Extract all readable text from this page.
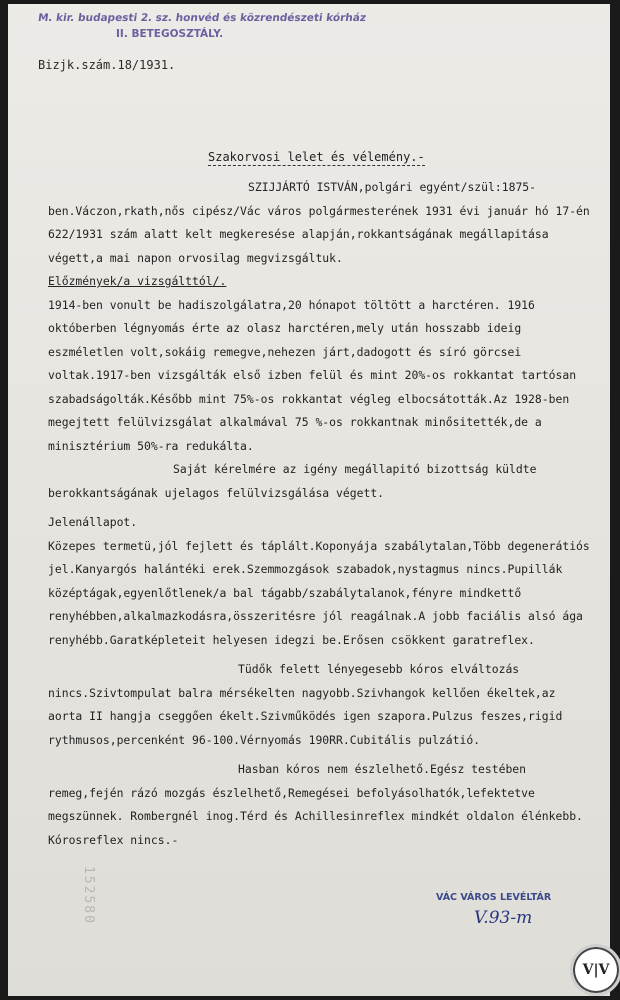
M. kir. budapesti 2. sz. honvéd és közrendészeti kórház
II. BETEGOSZTÁLY.
Bizjk.szám.18/1931.
Szakorvosi lelet és vélemény.-

SZIJJÁRTÓ ISTVÁN,polgári egyént/szül:1875-ben.Váczon,rkath,nős cipész/Vác város polgármesterének 1931 évi január hó 17-én 622/1931 szám alatt kelt megkeresése alapján,rokkantságának megállapitása végett,a mai napon orvosilag megvizsgáltuk.

Előzmények/a vizsgálttól/.

1914-ben vonult be hadiszolgálatra,20 hónapot töltött a harctéren. 1916 októberben légnyomás érte az olasz harctéren,mely után hosszabb ideig eszméletlen volt,sokáig remegve,nehezen járt,dadogott és síró görcsei voltak.1917-ben vizsgálták első izben felül és mint 20%-os rokkantat tartósan szabadságolták.Később mint 75%-os rokkantat végleg elbocsátották.Az 1928-ben megejtett felülvizsgálat alkalmával 75 %-os rokkantnak minősitették,de a minisztérium 50%-ra redukálta.

Saját kérelmére az igény megállapitó bizottság küldte berokkantságának ujelagos felülvizsgálása végett.

Jelenállapot.

Közepes termetü,jól fejlett és táplált.Koponyája szabálytalan,Több degenerátiós jel.Kanyargós halántéki erek.Szemmozgások szabadok,nystagmus nincs.Pupillák középtágak,egyenlőtlenek/a bal tágabb/szabálytalanok,fényre mindkettő renyhébben,alkalmazkodásra,összeritésre jól reagálnak.A jobb faciális alsó ága renyhébb.Garatképleteit helyesen idegzi be.Erősen csökkent garatreflex.

Tüdők felett lényegesebb kóros elváltozás nincs.Szivtompulat balra mérsékelten nagyobb.Szivhangok kellően ékeltek,az aorta II hangja cseggően ékelt.Szivműködés igen szapora.Pulzus feszes,rigid rythmusos,percenként 96-100.Vérnyomás 190RR.Cubitális pulzátió.

Hasban kóros nem észlelhető.Egész testében remeg,fején rázó mozgás észlelhető,Remegései befolyásolhatók,lefektetve megszünnek. Rombergnél inog.Térd és Achillesinreflex mindkét oldalon élénkebb. Kórosreflex nincs.-

152580	VÁC VÁROS LEVÉLTÁR
V.93-m
V|V
